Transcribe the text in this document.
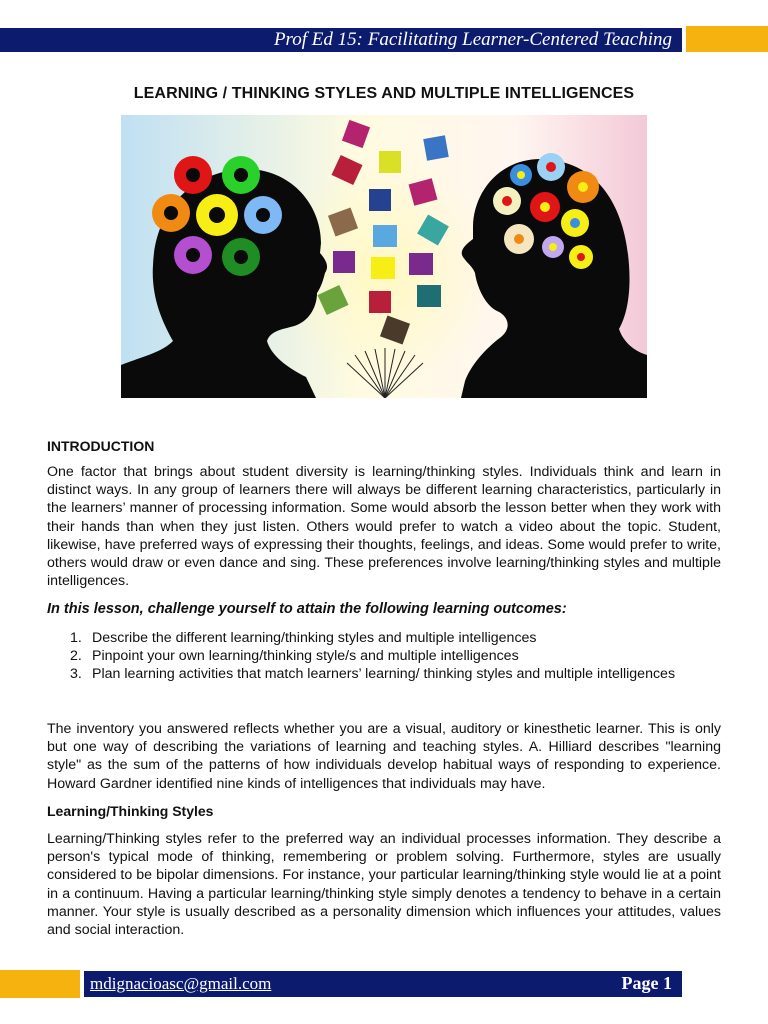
Prof Ed 15: Facilitating Learner-Centered Teaching
LEARNING / THINKING STYLES AND MULTIPLE INTELLIGENCES
INTRODUCTION
One factor that brings about student diversity is learning/thinking styles. Individuals think and learn in distinct ways. In any group of learners there will always be different learning characteristics, particularly in the learners’ manner of processing information. Some would absorb the lesson better when they work with their hands than when they just listen. Others would prefer to watch a video about the topic. Student, likewise, have preferred ways of expressing their thoughts, feelings, and ideas. Some would prefer to write, others would draw or even dance and sing. These preferences involve learning/thinking styles and multiple intelligences.
In this lesson, challenge yourself to attain the following learning outcomes:
1. Describe the different learning/thinking styles and multiple intelligences
2. Pinpoint your own learning/thinking style/s and multiple intelligences
3. Plan learning activities that match learners’ learning/ thinking styles and multiple intelligences
The inventory you answered reflects whether you are a visual, auditory or kinesthetic learner. This is only but one way of describing the variations of learning and teaching styles. A. Hilliard describes "learning style" as the sum of the patterns of how individuals develop habitual ways of responding to experience. Howard Gardner identified nine kinds of intelligences that individuals may have.
Learning/Thinking Styles
Learning/Thinking styles refer to the preferred way an individual processes information. They describe a person's typical mode of thinking, remembering or problem solving. Furthermore, styles are usually considered to be bipolar dimensions. For instance, your particular learning/thinking style would lie at a point in a continuum. Having a particular learning/thinking style simply denotes a tendency to behave in a certain manner. Your style is usually described as a personality dimension which influences your attitudes, values and social interaction.
mdignacioasc@gmail.com	Page 1
